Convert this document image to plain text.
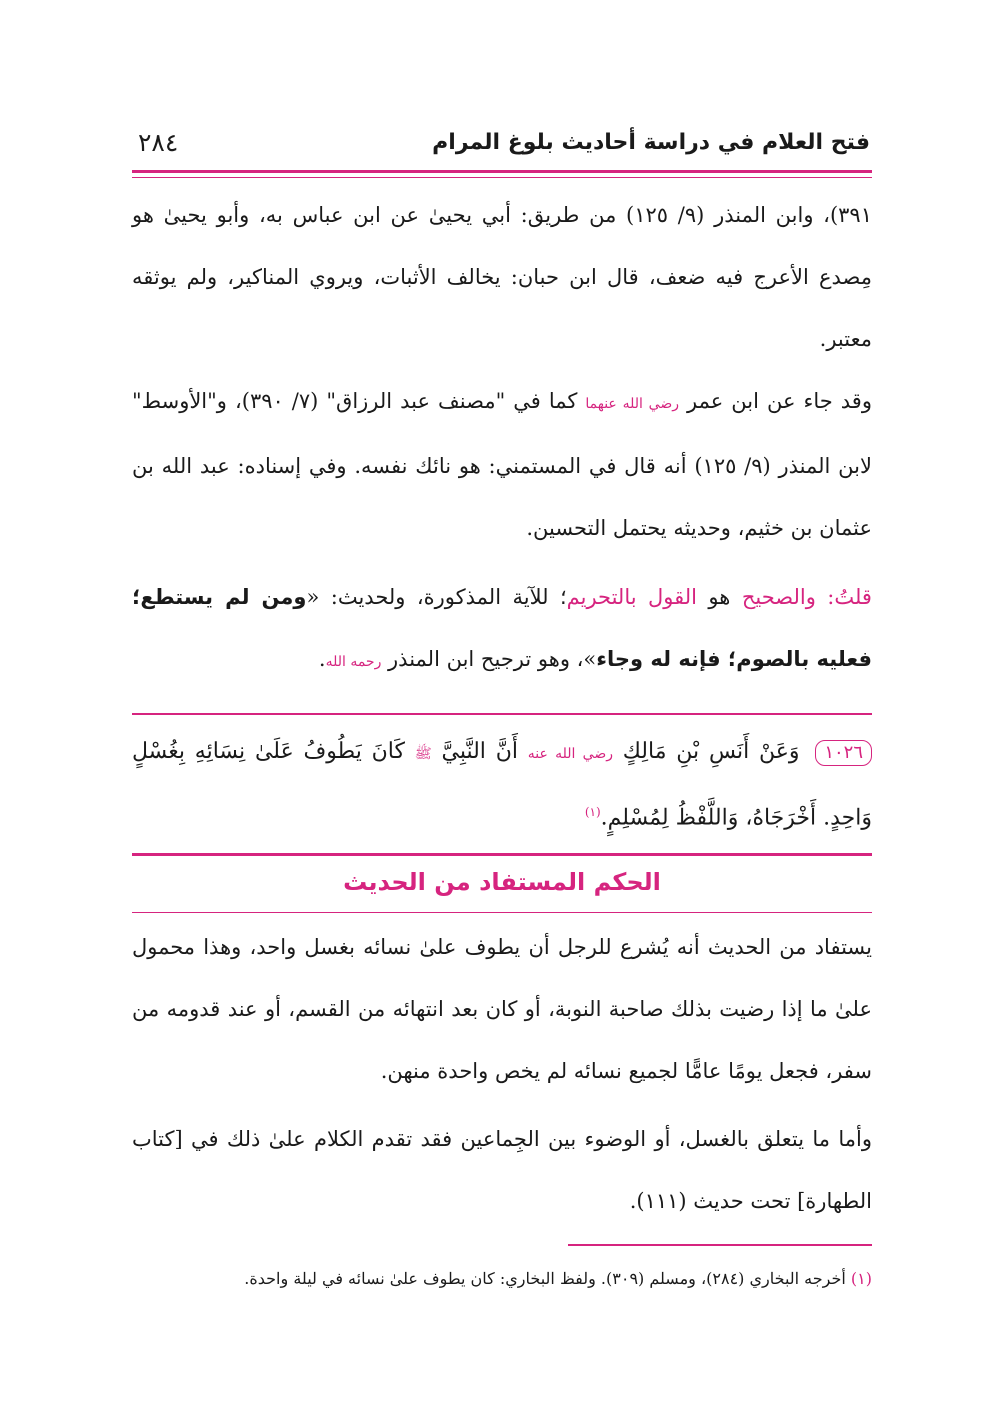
فتح العلام في دراسة أحاديث بلوغ المرام
٢٨٤
٣٩١)، وابن المنذر (٩/ ١٢٥) من طريق: أبي يحيىٰ عن ابن عباس به، وأبو يحيىٰ هو مِصدع الأعرج فيه ضعف، قال ابن حبان: يخالف الأثبات، ويروي المناكير، ولم يوثقه معتبر.
وقد جاء عن ابن عمر رضي الله عنهما كما في "مصنف عبد الرزاق" (٧/ ٣٩٠)، و"الأوسط" لابن المنذر (٩/ ١٢٥) أنه قال في المستمني: هو نائك نفسه. وفي إسناده: عبد الله بن عثمان بن خثيم، وحديثه يحتمل التحسين.
قلتُ: والصحيح هو القول بالتحريم؛ للآية المذكورة، ولحديث: «ومن لم يستطع؛ فعليه بالصوم؛ فإنه له وجاء»، وهو ترجيح ابن المنذر رحمه الله.
١٠٢٦ وَعَنْ أَنَسِ بْنِ مَالِكٍ رضي الله عنه أَنَّ النَّبِيَّ ﷺ كَانَ يَطُوفُ عَلَىٰ نِسَائِهِ بِغُسْلٍ وَاحِدٍ. أَخْرَجَاهُ، وَاللَّفْظُ لِمُسْلِمٍ.$^{(١)}$
الحكم المستفاد من الحديث
يستفاد من الحديث أنه يُشرع للرجل أن يطوف علىٰ نسائه بغسل واحد، وهذا محمول علىٰ ما إذا رضيت بذلك صاحبة النوبة، أو كان بعد انتهائه من القسم، أو عند قدومه من سفر، فجعل يومًا عامًّا لجميع نسائه لم يخص واحدة منهن.
وأما ما يتعلق بالغسل، أو الوضوء بين الجِماعين فقد تقدم الكلام علىٰ ذلك في [كتاب الطهارة] تحت حديث (١١١).
(١) أخرجه البخاري (٢٨٤)، ومسلم (٣٠٩). ولفظ البخاري: كان يطوف علىٰ نسائه في ليلة واحدة.
